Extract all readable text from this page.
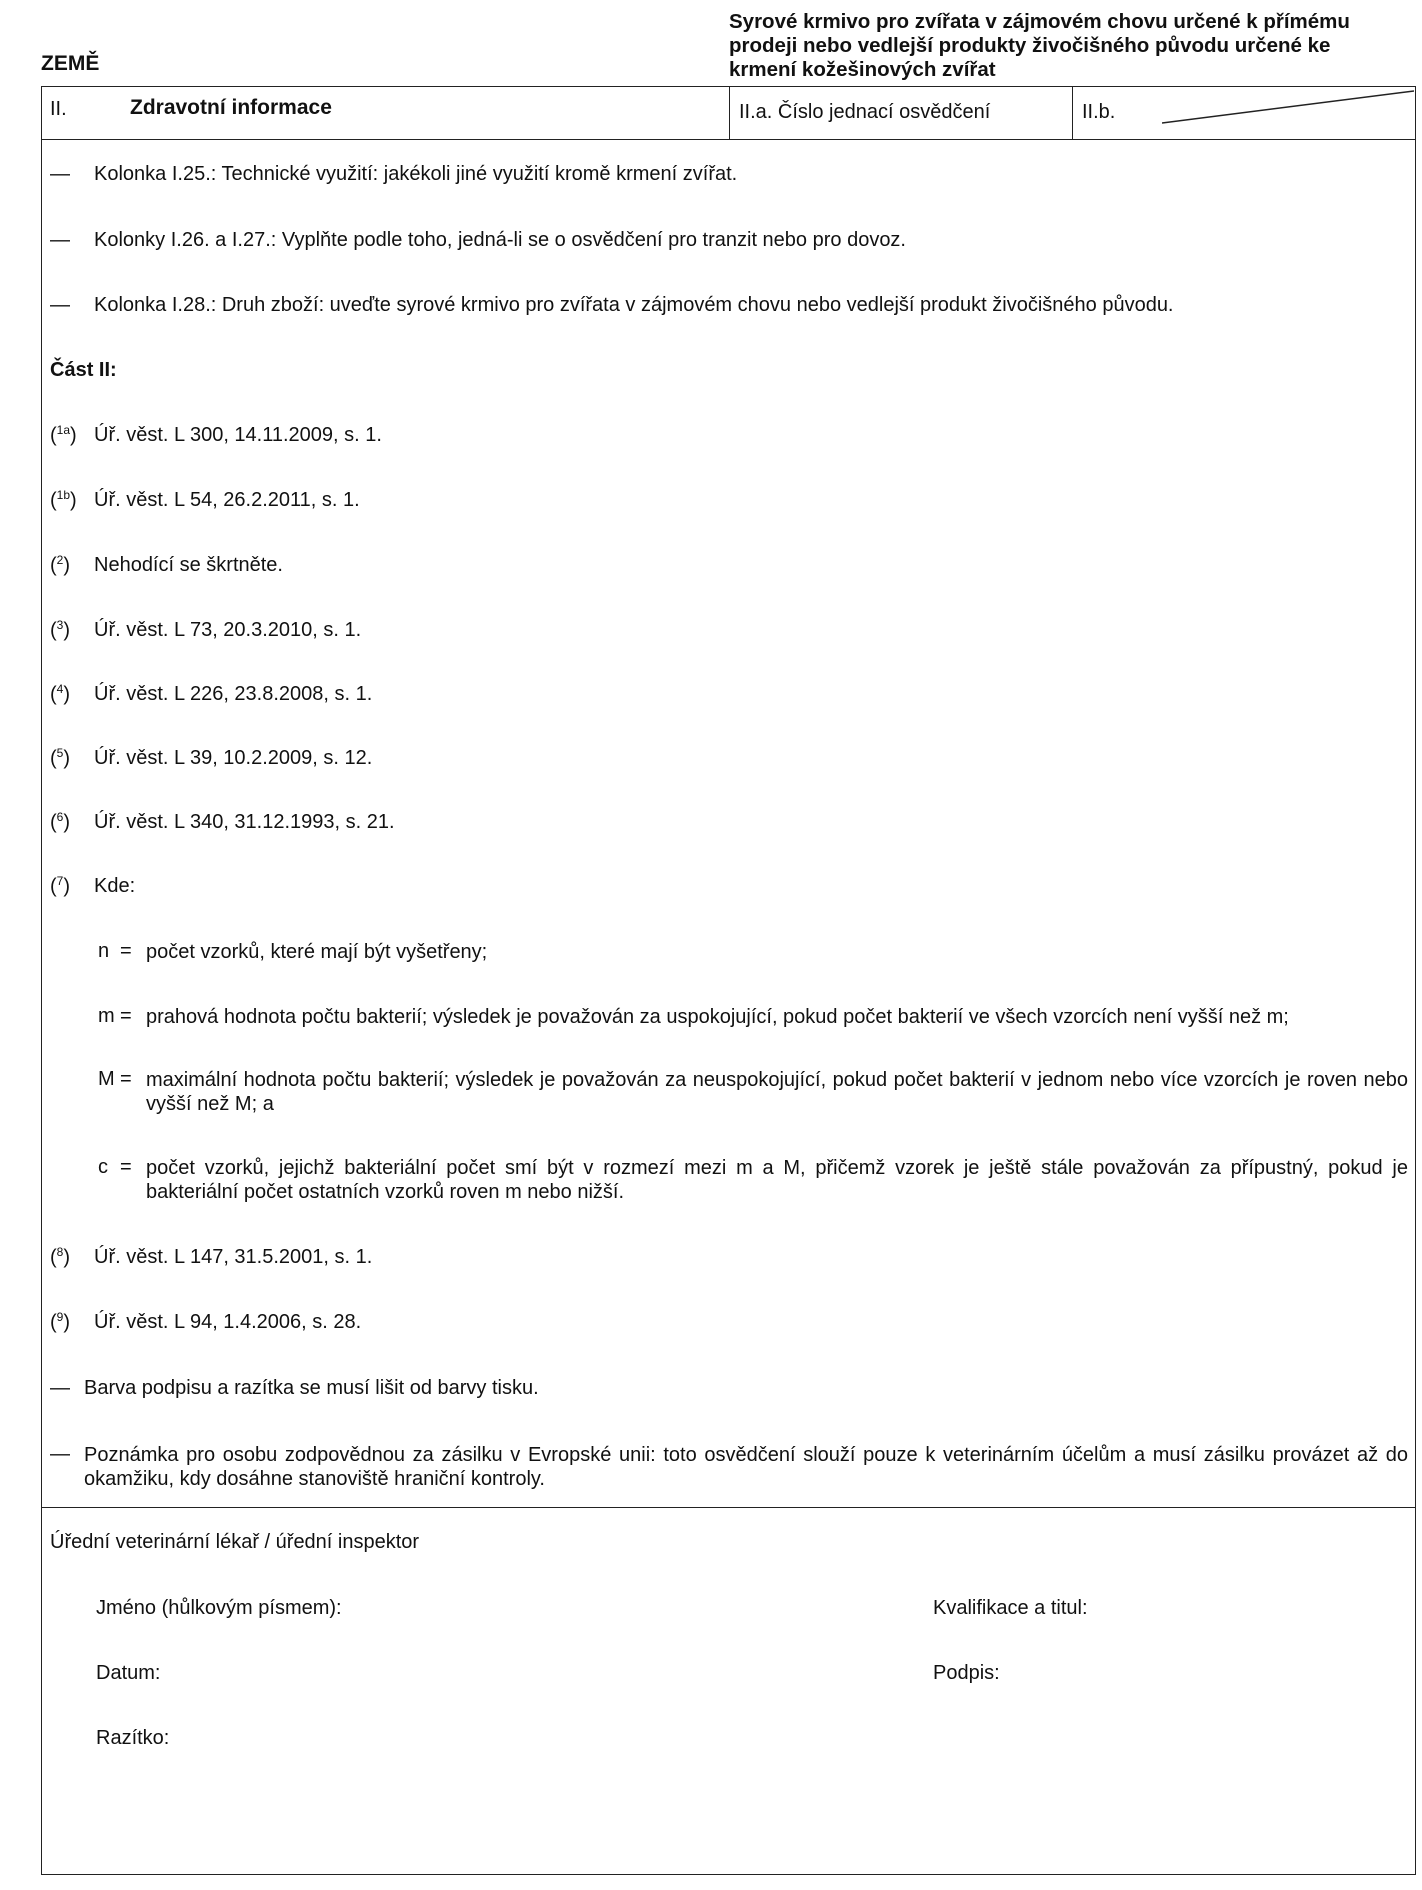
ZEMĚ

Syrové krmivo pro zvířata v zájmovém chovu určené k přímému

prodeji nebo vedlejší produkty živočišného původu určené ke

krmení kožešinových zvířat

II.	Zdravotní informace	II.a. Číslo jednací osvědčení	II.b.
— Kolonka I.25.: Technické využití: jakékoli jiné využití kromě krmení zvířat.
— Kolonky I.26. a I.27.: Vyplňte podle toho, jedná-li se o osvědčení pro tranzit nebo pro dovoz.
— Kolonka I.28.: Druh zboží: uveďte syrové krmivo pro zvířata v zájmovém chovu nebo vedlejší produkt živočišného původu.
Část II:
($^{1a}$) Úř. věst. L 300, 14.11.2009, s. 1.
($^{1b}$) Úř. věst. L 54, 26.2.2011, s. 1.
($^2$) Nehodící se škrtněte.
($^3$) Úř. věst. L 73, 20.3.2010, s. 1.
($^4$) Úř. věst. L 226, 23.8.2008, s. 1.
($^5$) Úř. věst. L 39, 10.2.2009, s. 12.
($^6$) Úř. věst. L 340, 31.12.1993, s. 21.
($^7$) Kde:
n = počet vzorků, které mají být vyšetřeny;
m = prahová hodnota počtu bakterií; výsledek je považován za uspokojující, pokud počet bakterií ve všech vzorcích není vyšší než m;
M = maximální hodnota počtu bakterií; výsledek je považován za neuspokojující, pokud počet bakterií v jednom nebo více vzorcích je roven nebo vyšší než M; a
c = počet vzorků, jejichž bakteriální počet smí být v rozmezí mezi m a M, přičemž vzorek je ještě stále považován za přípustný, pokud je bakteriální počet ostatních vzorků roven m nebo nižší.
($^8$) Úř. věst. L 147, 31.5.2001, s. 1.
($^9$) Úř. věst. L 94, 1.4.2006, s. 28.
— Barva podpisu a razítka se musí lišit od barvy tisku.
— Poznámka pro osobu zodpovědnou za zásilku v Evropské unii: toto osvědčení slouží pouze k veterinárním účelům a musí zásilku provázet až do okamžiku, kdy dosáhne stanoviště hraniční kontroly.
Úřední veterinární lékař / úřední inspektor
Jméno (hůlkovým písmem):	Kvalifikace a titul:
Datum:	Podpis:
Razítko:
